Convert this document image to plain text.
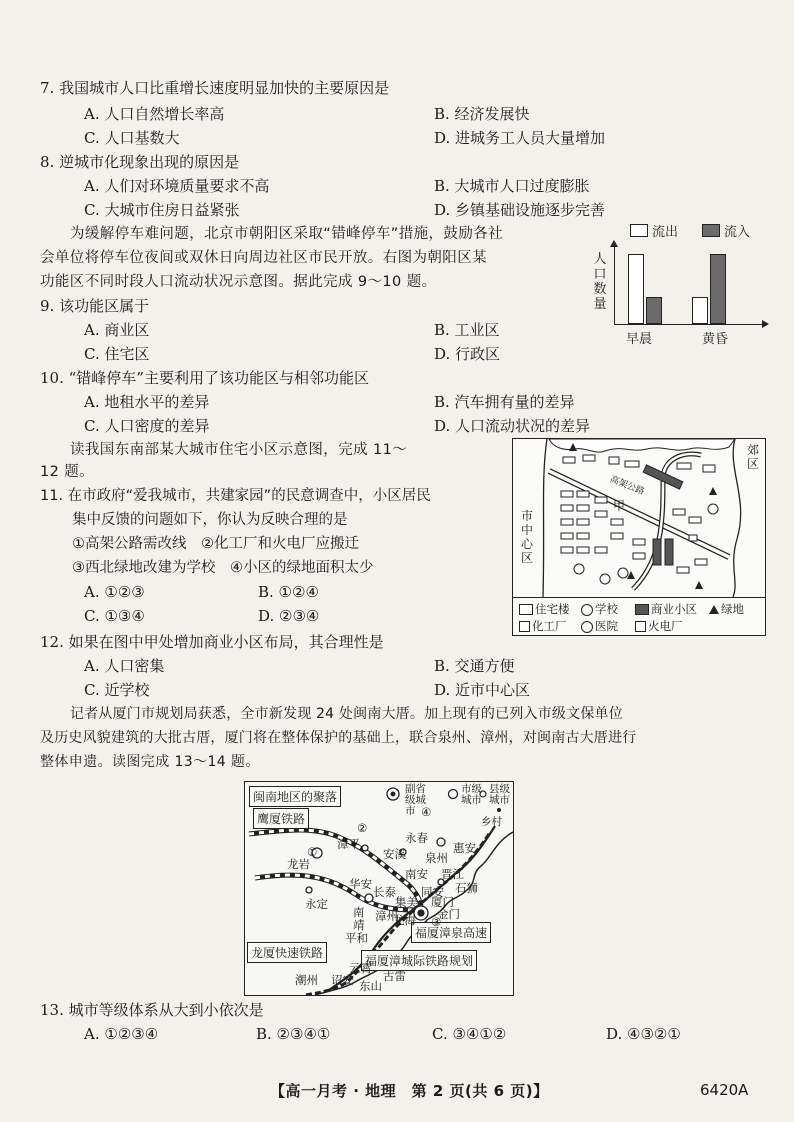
7. 我国城市人口比重增长速度明显加快的主要原因是
A. 人口自然增长率高	B. 经济发展快
C. 人口基数大	D. 进城务工人员大量增加
8. 逆城市化现象出现的原因是
A. 人们对环境质量要求不高	B. 大城市人口过度膨胀
C. 大城市住房日益紧张	D. 乡镇基础设施逐步完善
为缓解停车难问题，北京市朝阳区采取“错峰停车”措施，鼓励各社
会单位将停车位夜间或双休日向周边社区市民开放。右图为朝阳区某
功能区不同时段人口流动状况示意图。据此完成 9～10 题。
流出	流入
人口数量
早晨	黄昏
9. 该功能区属于
A. 商业区	B. 工业区
C. 住宅区	D. 行政区
10. “错峰停车”主要利用了该功能区与相邻功能区
A. 地租水平的差异	B. 汽车拥有量的差异
C. 人口密度的差异	D. 人口流动状况的差异
读我国东南部某大城市住宅小区示意图，完成 11～
12 题。
市中心区
郊区
甲
高架公路
住宅楼	学校	商业小区	绿地
化工厂	医院	火电厂
11. 在市政府“爱我城市，共建家园”的民意调查中，小区居民
集中反馈的问题如下，你认为反映合理的是
①高架公路需改线　②化工厂和火电厂应搬迁
③西北绿地改建为学校　④小区的绿地面积太少
A. ①②③	B. ①②④
C. ①③④	D. ②③④
12. 如果在图中甲处增加商业小区布局，其合理性是
A. 人口密集	B. 交通方便
C. 近学校	D. 近市中心区
记者从厦门市规划局获悉，全市新发现 24 处闽南大厝。加上现有的已列入市级文保单位
及历史风貌建筑的大批古厝，厦门将在整体保护的基础上，联合泉州、漳州，对闽南古大厝进行
整体申遗。读图完成 13～14 题。
闽南地区的聚落
副省级城市
市级城市
县级城市
乡村
鹰厦铁路
福厦漳泉高速
龙厦快速铁路
福厦漳城际铁路规划
漳平	永春
安溪 泉州
惠安
龙岩
华安
南安 晋江
石狮
永定
长泰
集美
同安
漳州	金门
厦门
南靖 龙海
平和
云霄
诏安 东山
古雷
潮州
①
②
③
④
13. 城市等级体系从大到小依次是
A. ①②③④	B. ②③④①	C. ③④①②	D. ④③②①
【高一月考 · 地理　第 2 页(共 6 页)】	6420A
